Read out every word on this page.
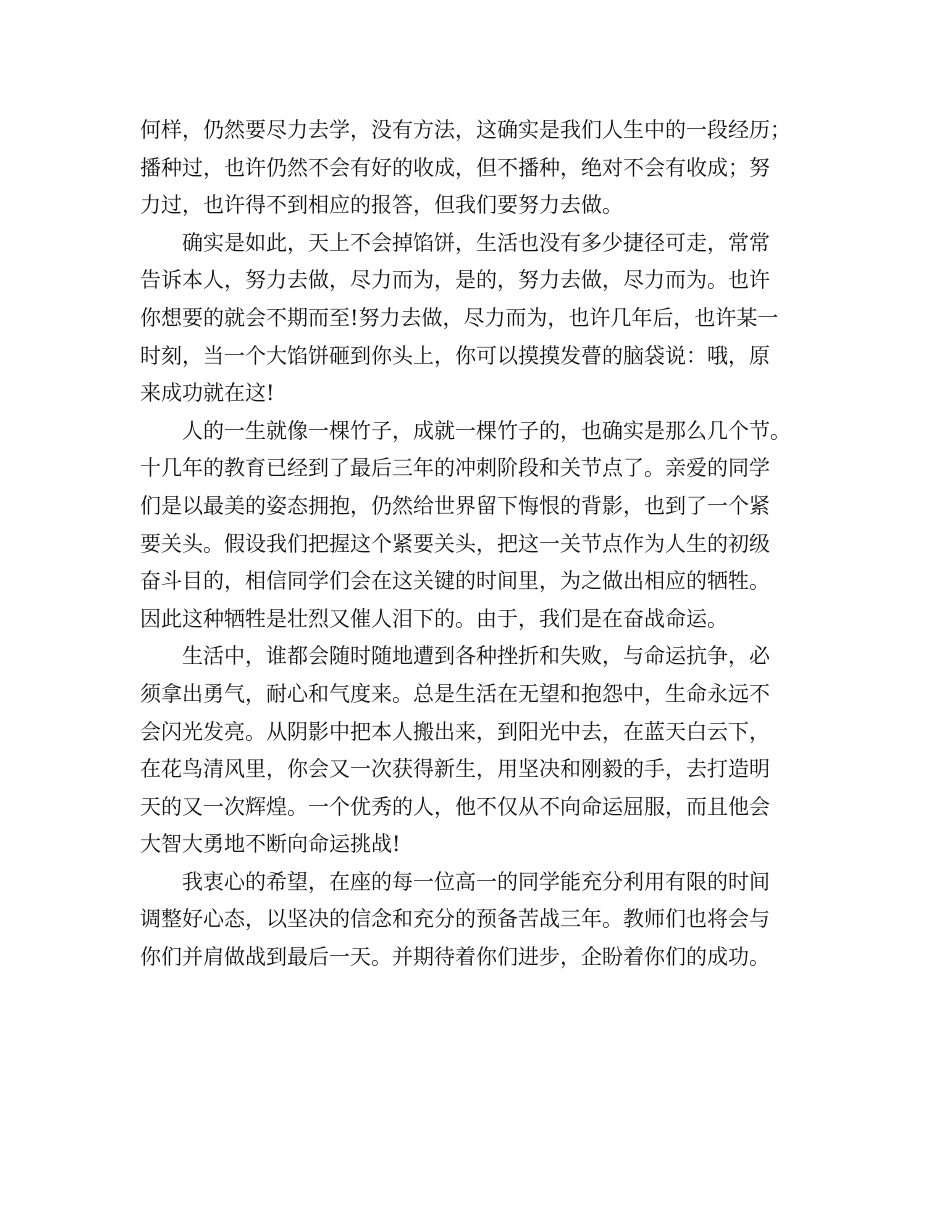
何样，仍然要尽力去学，没有方法，这确实是我们人生中的一段经历；
播种过，也许仍然不会有好的收成，但不播种，绝对不会有收成；努
力过，也许得不到相应的报答，但我们要努力去做。
确实是如此，天上不会掉馅饼，生活也没有多少捷径可走，常常
告诉本人，努力去做，尽力而为，是的，努力去做，尽力而为。也许
你想要的就会不期而至!努力去做，尽力而为，也许几年后，也许某一
时刻，当一个大馅饼砸到你头上，你可以摸摸发瞢的脑袋说：哦，原
来成功就在这!
人的一生就像一棵竹子，成就一棵竹子的，也确实是那么几个节。
十几年的教育已经到了最后三年的冲刺阶段和关节点了。亲爱的同学
们是以最美的姿态拥抱，仍然给世界留下悔恨的背影，也到了一个紧
要关头。假设我们把握这个紧要关头，把这一关节点作为人生的初级
奋斗目的，相信同学们会在这关键的时间里，为之做出相应的牺牲。
因此这种牺牲是壮烈又催人泪下的。由于，我们是在奋战命运。
生活中，谁都会随时随地遭到各种挫折和失败，与命运抗争，必
须拿出勇气，耐心和气度来。总是生活在无望和抱怨中，生命永远不
会闪光发亮。从阴影中把本人搬出来，到阳光中去，在蓝天白云下，
在花鸟清风里，你会又一次获得新生，用坚决和刚毅的手，去打造明
天的又一次辉煌。一个优秀的人，他不仅从不向命运屈服，而且他会
大智大勇地不断向命运挑战!
我衷心的希望，在座的每一位高一的同学能充分利用有限的时间
调整好心态，以坚决的信念和充分的预备苦战三年。教师们也将会与
你们并肩做战到最后一天。并期待着你们进步，企盼着你们的成功。
